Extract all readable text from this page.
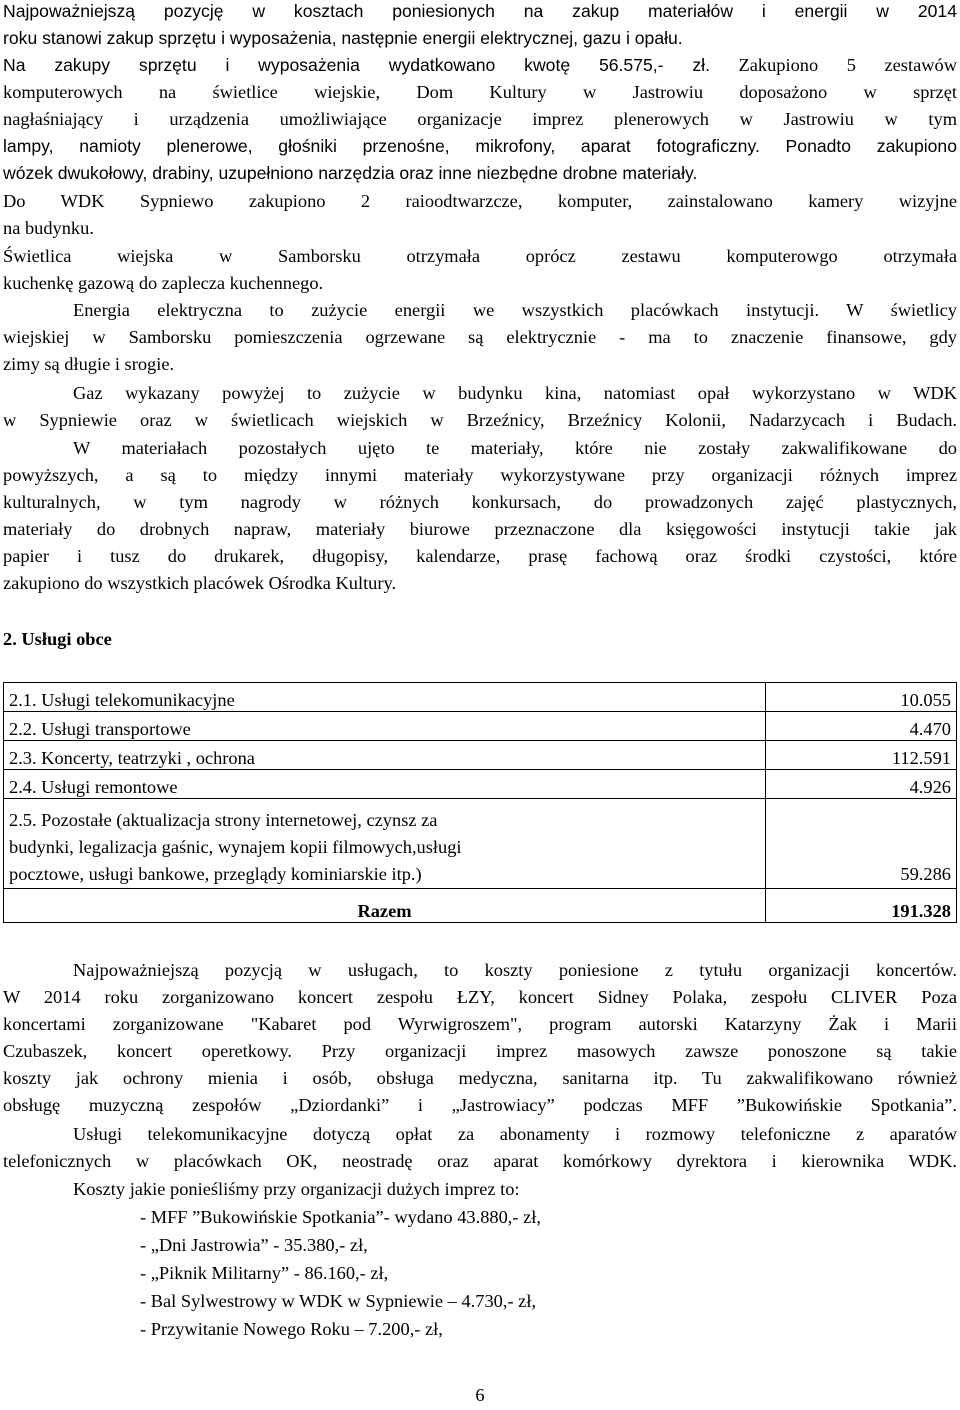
Najpoważniejszą pozycję w kosztach poniesionych na zakup materiałów i energii w 2014
roku stanowi zakup sprzętu i wyposażenia, następnie energii elektrycznej, gazu i opału.
Na zakupy sprzętu i wyposażenia wydatkowano kwotę 56.575,- zł. Zakupiono 5 zestawów
komputerowych na świetlice wiejskie, Dom Kultury w Jastrowiu doposażono w sprzęt
nagłaśniający i urządzenia umożliwiające organizacje imprez plenerowych w Jastrowiu w tym
lampy, namioty plenerowe, głośniki przenośne, mikrofony, aparat fotograficzny. Ponadto zakupiono
wózek dwukołowy, drabiny, uzupełniono narzędzia oraz inne niezbędne drobne materiały.
Do WDK Sypniewo zakupiono 2 raioodtwarzcze, komputer, zainstalowano kamery wizyjne
na budynku.
Świetlica wiejska w Samborsku otrzymała oprócz zestawu komputerowgo otrzymała
kuchenkę gazową do zaplecza kuchennego.
Energia elektryczna to zużycie energii we wszystkich placówkach instytucji. W świetlicy
wiejskiej w Samborsku pomieszczenia ogrzewane są elektrycznie - ma to znaczenie finansowe, gdy
zimy są długie i srogie.
Gaz wykazany powyżej to zużycie w budynku kina, natomiast opał wykorzystano w WDK
w Sypniewie oraz w świetlicach wiejskich w Brzeźnicy, Brzeźnicy Kolonii, Nadarzycach i Budach.
W materiałach pozostałych ujęto te materiały, które nie zostały zakwalifikowane do
powyższych, a są to między innymi materiały wykorzystywane przy organizacji różnych imprez
kulturalnych, w tym nagrody w różnych konkursach, do prowadzonych zajęć plastycznych,
materiały do drobnych napraw, materiały biurowe przeznaczone dla księgowości instytucji takie jak
papier i tusz do drukarek, długopisy, kalendarze, prasę fachową oraz środki czystości, które
zakupiono do wszystkich placówek Ośrodka Kultury.
2. Usługi obce
2.1. Usługi telekomunikacyjne	10.055
2.2. Usługi transportowe	4.470
2.3. Koncerty, teatrzyki , ochrona	112.591
2.4. Usługi remontowe	4.926

2.5. Pozostałe (aktualizacja strony internetowej, czynsz za
budynki, legalizacja gaśnic, wynajem kopii filmowych,usługi
pocztowe, usługi bankowe, przeglądy kominiarskie itp.)	59.286
Razem	191.328
Najpoważniejszą pozycją w usługach, to koszty poniesione z tytułu organizacji koncertów.
W 2014 roku zorganizowano koncert zespołu ŁZY, koncert Sidney Polaka, zespołu CLIVER Poza
koncertami zorganizowane "Kabaret pod Wyrwigroszem", program autorski Katarzyny Żak i Marii
Czubaszek, koncert operetkowy. Przy organizacji imprez masowych zawsze ponoszone są takie
koszty jak ochrony mienia i osób, obsługa medyczna, sanitarna itp. Tu zakwalifikowano również
obsługę muzyczną zespołów „Dziordanki” i „Jastrowiacy” podczas MFF ”Bukowińskie Spotkania”.
Usługi telekomunikacyjne dotyczą opłat za abonamenty i rozmowy telefoniczne z aparatów
telefonicznych w placówkach OK, neostradę oraz aparat komórkowy dyrektora i kierownika WDK.
Koszty jakie ponieśliśmy przy organizacji dużych imprez to:
- MFF ”Bukowińskie Spotkania”- wydano 43.880,- zł,
- „Dni Jastrowia” - 35.380,- zł,
- „Piknik Militarny” - 86.160,- zł,
- Bal Sylwestrowy w WDK w Sypniewie – 4.730,- zł,
- Przywitanie Nowego Roku – 7.200,- zł,
6
